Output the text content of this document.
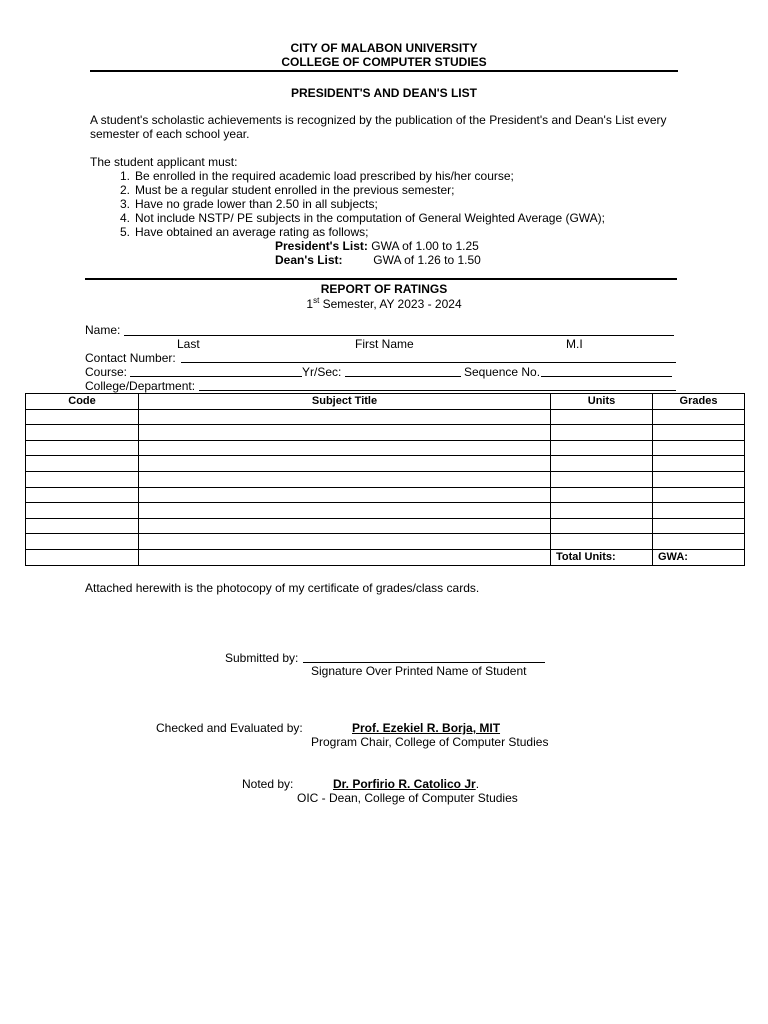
CITY OF MALABON UNIVERSITY
COLLEGE OF COMPUTER STUDIES
PRESIDENT'S AND DEAN'S LIST
A student's scholastic achievements is recognized by the publication of the President's and Dean's List every semester of each school year.
The student applicant must:
1. Be enrolled in the required academic load prescribed by his/her course;
2. Must be a regular student enrolled in the previous semester;
3. Have no grade lower than 2.50 in all subjects;
4. Not include NSTP/ PE subjects in the computation of General Weighted Average (GWA);
5. Have obtained an average rating as follows;
President's List: GWA of 1.00 to 1.25
Dean's List:	GWA of 1.26 to 1.50
REPORT OF RATINGS
1st Semester, AY 2023 - 2024
Name:
Last	First Name	M.I
Contact Number:
Course:	Yr/Sec:	Sequence No.
College/Department:
Code	Subject Title	Units	Grades

		Total Units:	GWA:
Attached herewith is the photocopy of my certificate of grades/class cards.
Submitted by:
Signature Over Printed Name of Student
Checked and Evaluated by:	Prof. Ezekiel R. Borja, MIT
Program Chair, College of Computer Studies
Noted by:	Dr. Porfirio R. Catolico Jr.
OIC - Dean, College of Computer Studies
